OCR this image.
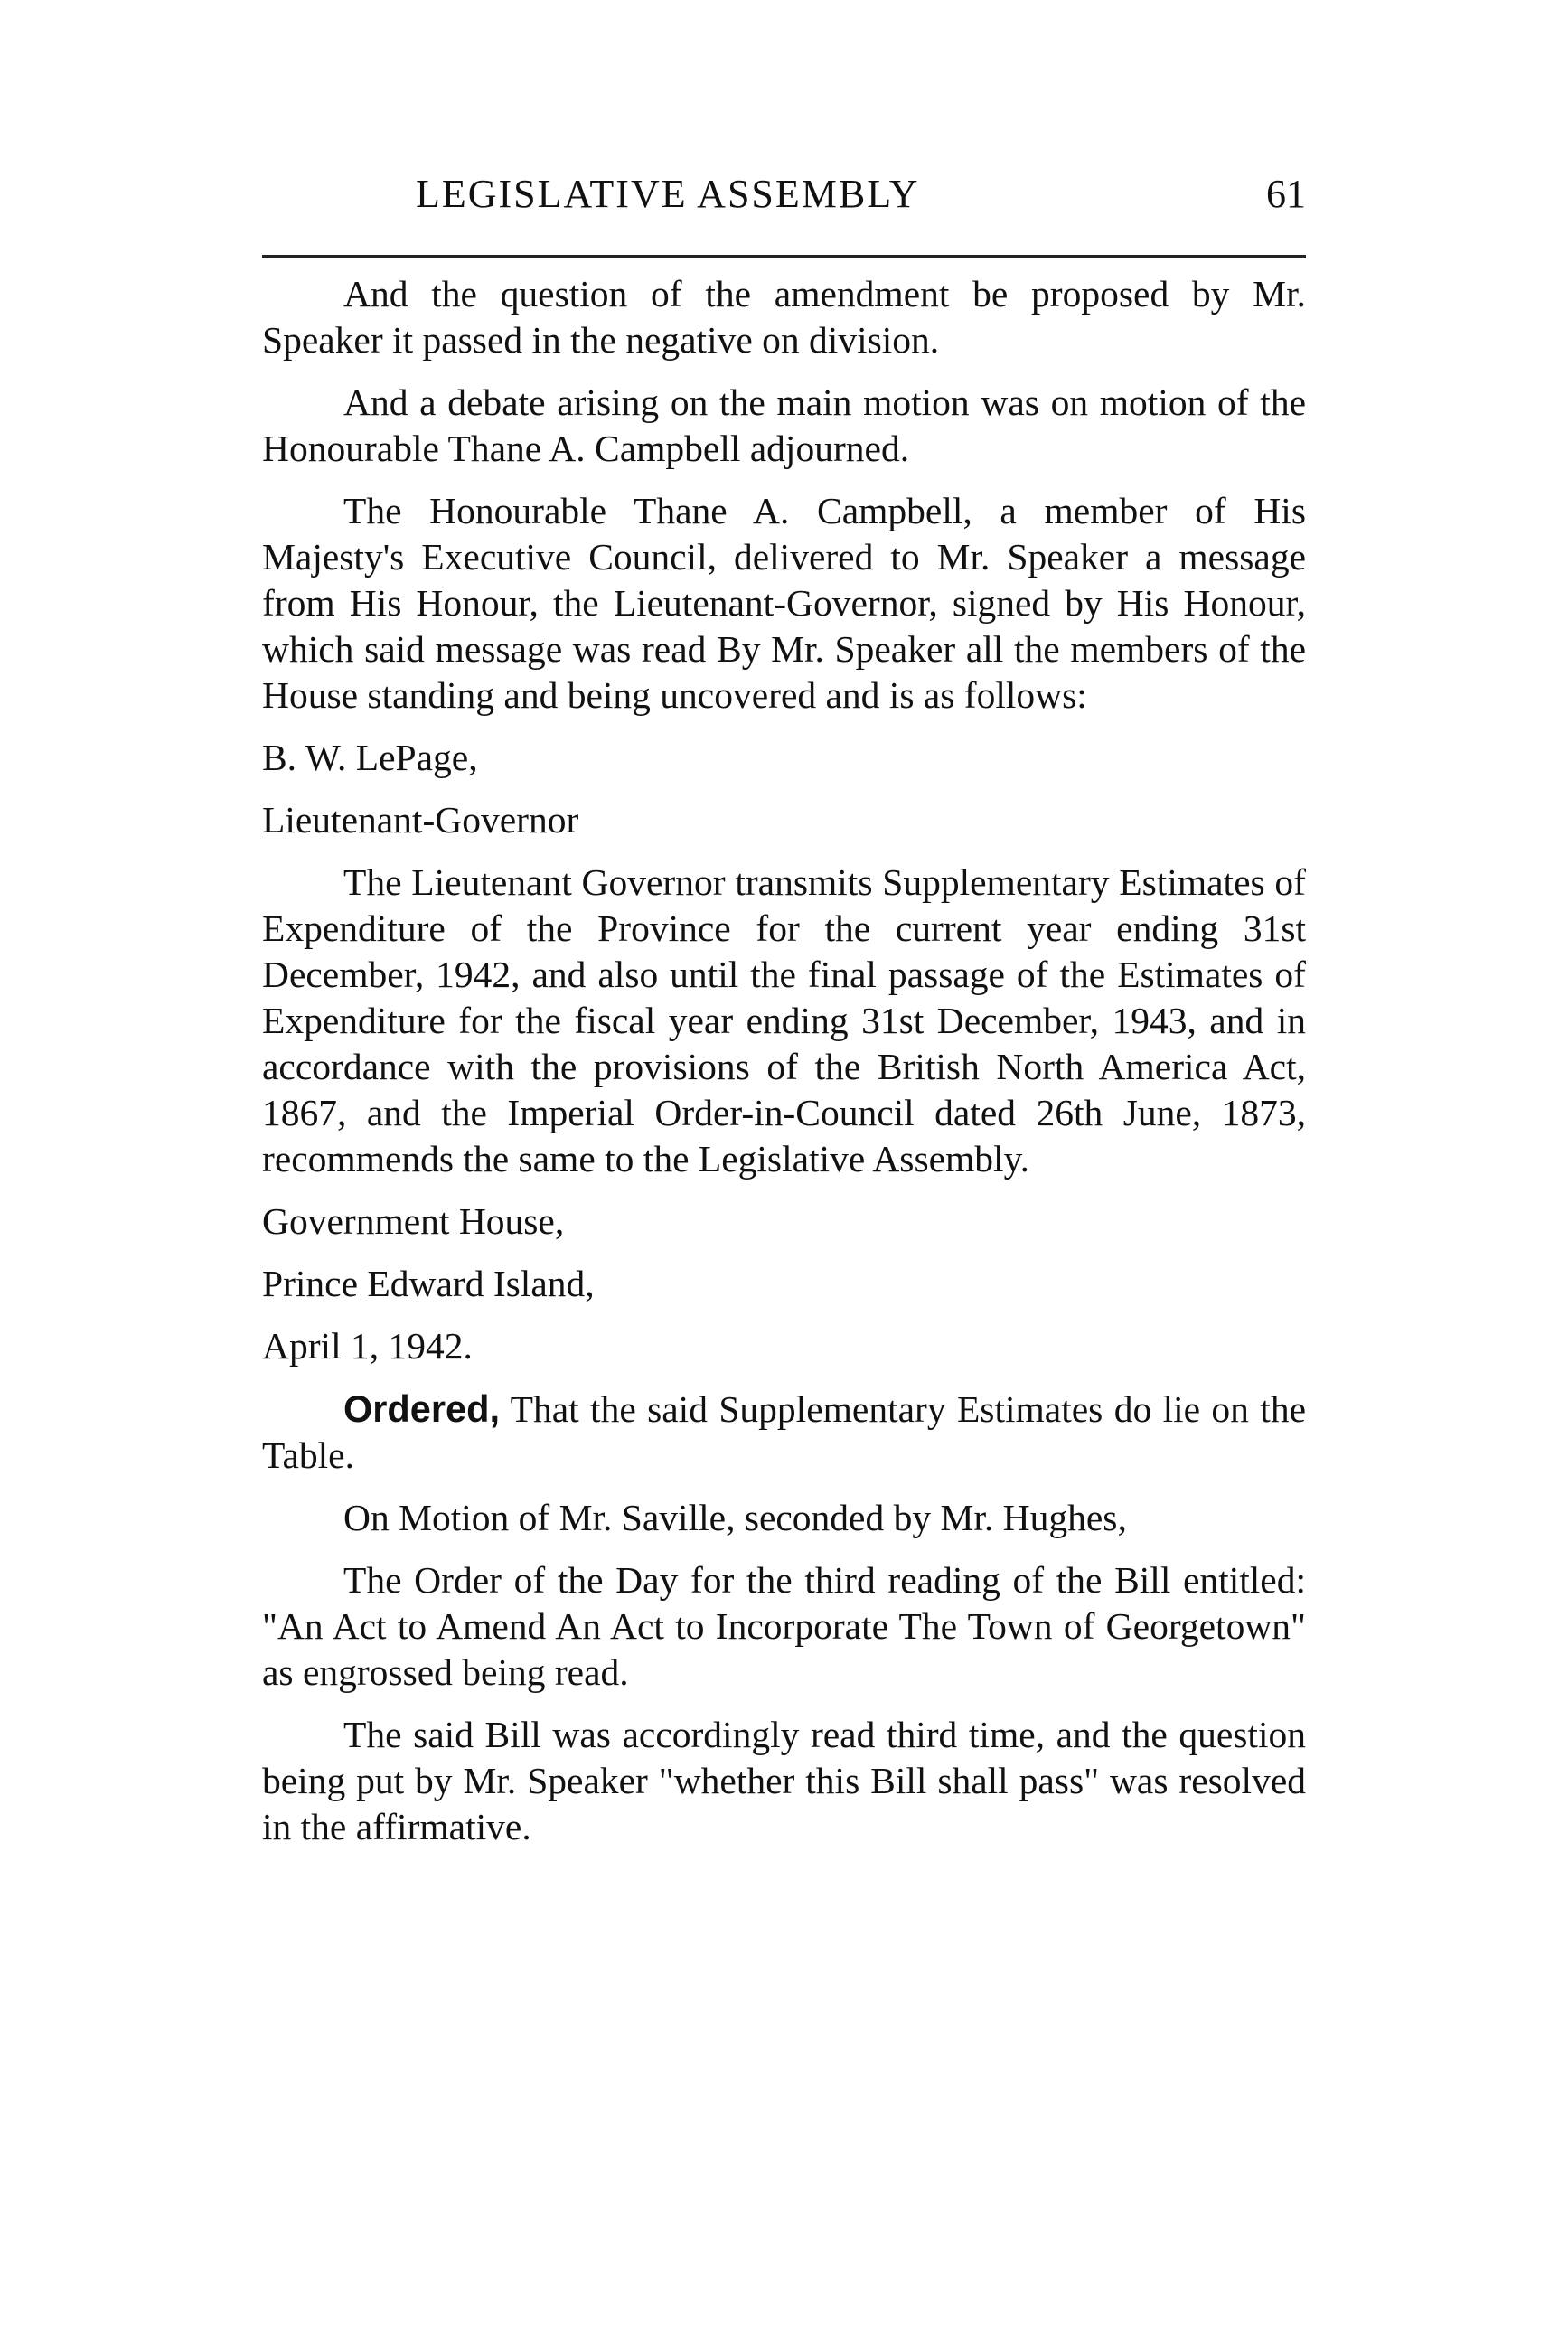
LEGISLATIVE ASSEMBLY	61

And the question of the amendment be proposed by Mr. Speaker it passed in the negative on division.

And a debate arising on the main motion was on motion of the Honourable Thane A. Campbell adjourned.

The Honourable Thane A. Campbell, a member of His Majesty's Executive Council, delivered to Mr. Speaker a message from His Honour, the Lieutenant-Governor, signed by His Honour, which said message was read By Mr. Speaker all the members of the House standing and being uncovered and is as follows:

B. W. LePage,

Lieutenant-Governor

The Lieutenant Governor transmits Supplementary Estimates of Expenditure of the Province for the current year ending 31st December, 1942, and also until the final passage of the Estimates of Expenditure for the fiscal year ending 31st December, 1943, and in accordance with the provisions of the British North America Act, 1867, and the Imperial Order-in-Council dated 26th June, 1873, recommends the same to the Legislative Assembly.

Government House,

Prince Edward Island,

April 1, 1942.

Ordered, That the said Supplementary Estimates do lie on the Table.

On Motion of Mr. Saville, seconded by Mr. Hughes,

The Order of the Day for the third reading of the Bill entitled: "An Act to Amend An Act to Incorporate The Town of Georgetown" as engrossed being read.

The said Bill was accordingly read third time, and the question being put by Mr. Speaker "whether this Bill shall pass" was resolved in the affirmative.
